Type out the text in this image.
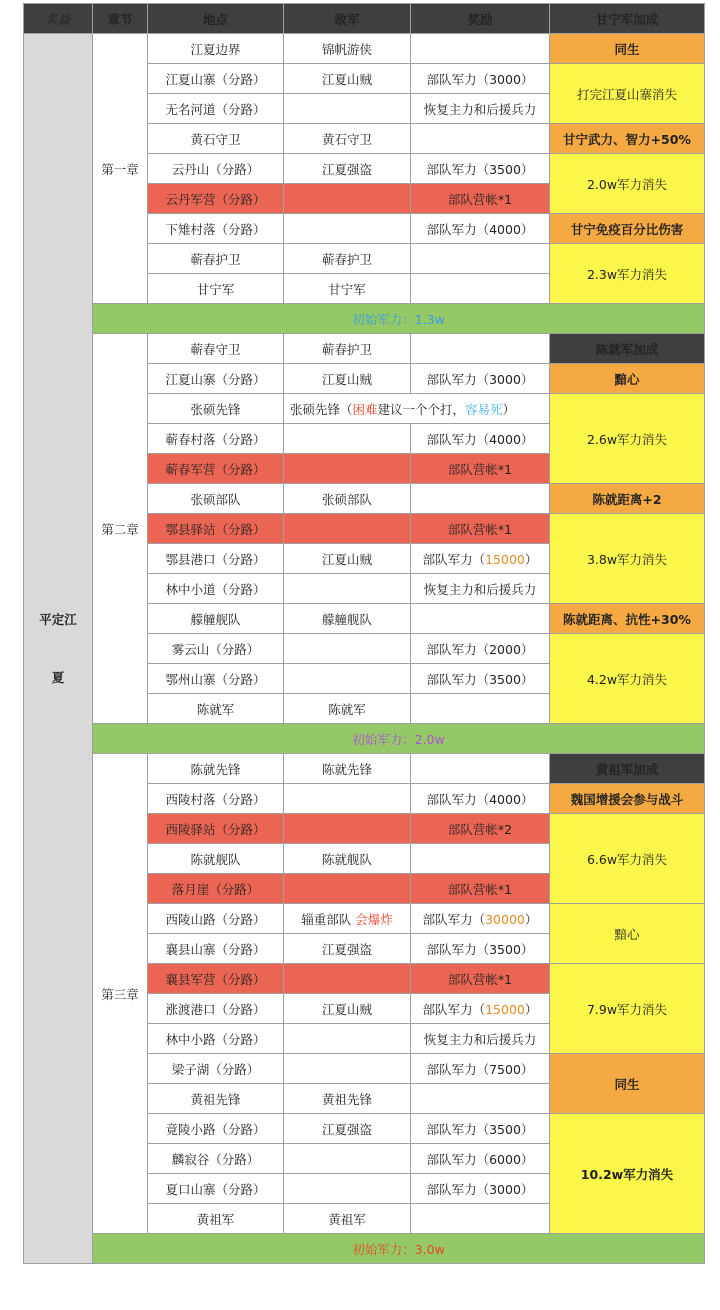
炙焱	章节	地点	敌军	奖励	甘宁军加成
平定江夏	第一章	江夏边界	锦帆游侠		同生
		江夏山寨（分路）	江夏山贼	部队军力（3000）	打完江夏山寨消失
		无名河道（分路）		恢复主力和后援兵力	
		黄石守卫	黄石守卫		甘宁武力、智力+50%
		云丹山（分路）	江夏强盗	部队军力（3500）	2.0w军力消失
		云丹军营（分路）		部队营帐*1	
		下雉村落（分路）		部队军力（4000）	甘宁免疫百分比伤害
		蕲春护卫	蕲春护卫		2.3w军力消失
		甘宁军	甘宁军		
	初始军力：1.3w				
	第二章	蕲春守卫	蕲春护卫		陈就军加成
		江夏山寨（分路）	江夏山贼	部队军力（3000）	黯心
		张硕先锋	张硕先锋（困难建议一个个打，容易死）		2.6w军力消失
		蕲春村落（分路）		部队军力（4000）	
		蕲春军营（分路）		部队营帐*1	
		张硕部队	张硕部队		陈就距离+2
		鄂县驿站（分路）		部队营帐*1	3.8w军力消失
		鄂县港口（分路）	江夏山贼	部队军力（15000）	
		林中小道（分路）		恢复主力和后援兵力	
		艨艟舰队	艨艟舰队		陈就距离、抗性+30%
		雾云山（分路）		部队军力（2000）	4.2w军力消失
		鄂州山寨（分路）		部队军力（3500）	
		陈就军	陈就军		
	初始军力：2.0w				
	第三章	陈就先锋	陈就先锋		黄祖军加成
		西陵村落（分路）		部队军力（4000）	魏国增援会参与战斗
		西陵驿站（分路）		部队营帐*2	6.6w军力消失
		陈就舰队	陈就舰队		
		落月崖（分路）		部队营帐*1	
		西陵山路（分路）	辎重部队 会爆炸	部队军力（30000）	黯心
		襄县山寨（分路）	江夏强盗	部队军力（3500）	
		襄县军营（分路）		部队营帐*1	7.9w军力消失
		涨渡港口（分路）	江夏山贼	部队军力（15000）	
		林中小路（分路）		恢复主力和后援兵力	
		梁子湖（分路）		部队军力（7500）	同生
		黄祖先锋	黄祖先锋		
		竟陵小路（分路）	江夏强盗	部队军力（3500）	10.2w军力消失
		麟寂谷（分路）		部队军力（6000）	
		夏口山寨（分路）		部队军力（3000）	
		黄祖军	黄祖军		
	初始军力：3.0w				
